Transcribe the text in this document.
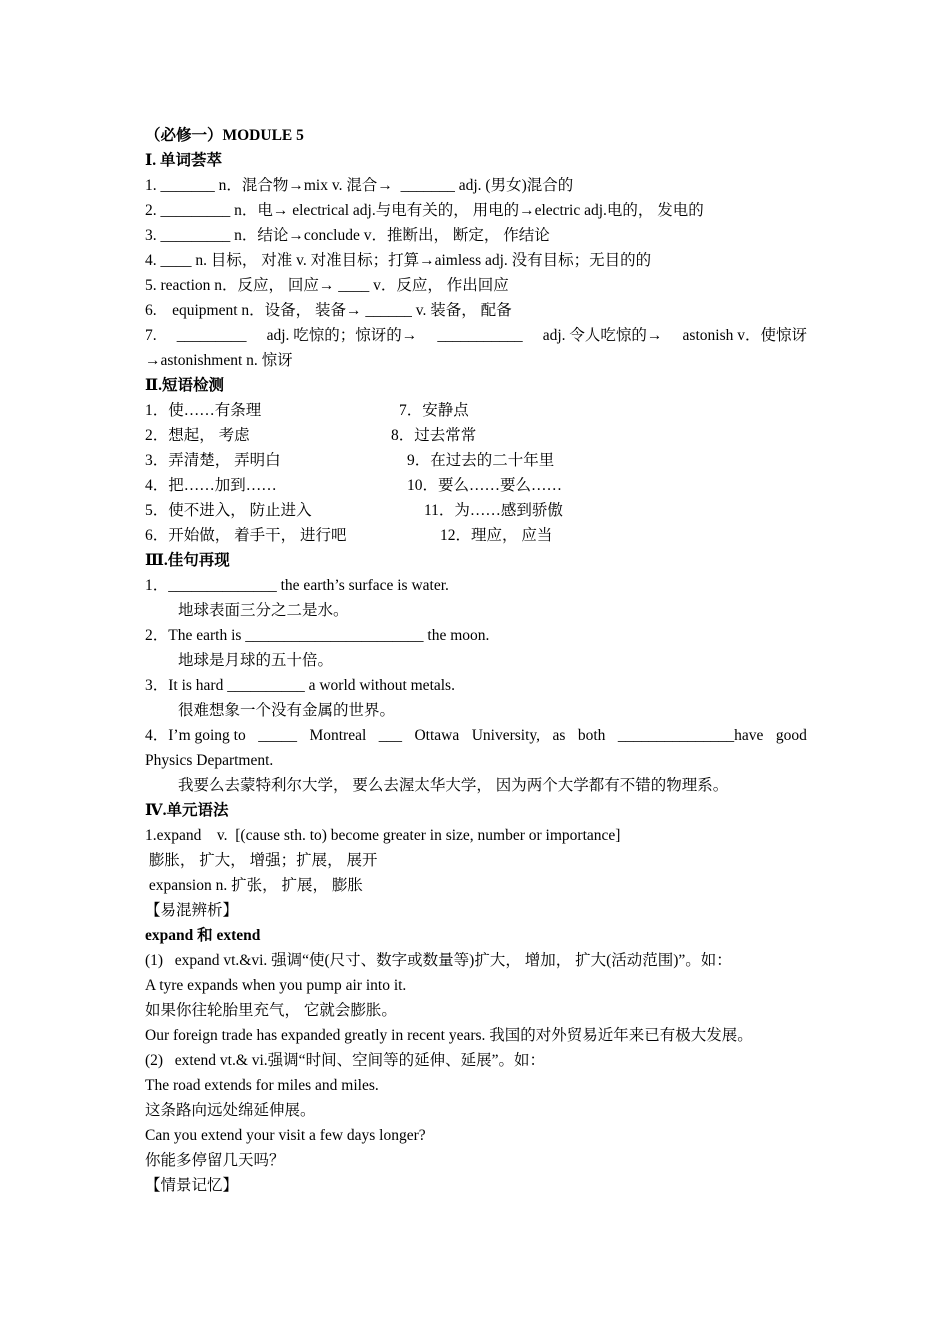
（必修一）MODULE 5
Ⅰ. 单词荟萃
1. _______ n．混合物→mix v. 混合→  _______ adj. (男女)混合的
2. _________ n．电→ electrical adj.与电有关的， 用电的→electric adj.电的， 发电的
3. _________ n．结论→conclude v．推断出， 断定， 作结论
4. ____ n. 目标， 对准 v. 对准目标；打算→aimless adj. 没有目标；无目的的
5. reaction n．反应， 回应→ ____ v．反应， 作出回应
6.    equipment n．设备， 装备→ ______ v. 装备， 配备
7. _________ adj. 吃惊的；惊讶的→ ___________ adj. 令人吃惊的→ astonish v．使惊讶
→astonishment n. 惊讶
Ⅱ.短语检测
1．使……有条理
2．想起， 考虑
3．弄清楚， 弄明白
4．把……加到……
5．使不进入， 防止进入
6．开始做， 着手干， 进行吧
7．安静点
8．过去常常
9．在过去的二十年里
10．要么……要么……
11．为……感到骄傲
12．理应， 应当
Ⅲ.佳句再现
1．______________ the earth’s surface is water.
地球表面三分之二是水。
2．The earth is _______________________ the moon.
地球是月球的五十倍。
3．It is hard __________ a world without metals.
很难想象一个没有金属的世界。
4．I’m going to _____ Montreal ___ Ottawa University, as both _______________have good
Physics Department.
我要么去蒙特利尔大学， 要么去渥太华大学， 因为两个大学都有不错的物理系。
Ⅳ.单元语法
1.expand    v.  [(cause sth. to) become greater in size, number or importance]
膨胀， 扩大， 增强；扩展， 展开
expansion n. 扩张， 扩展， 膨胀
【易混辨析】
expand 和 extend
(1)   expand vt.&vi. 强调“使(尺寸、数字或数量等)扩大， 增加， 扩大(活动范围)”。如：
A tyre expands when you pump air into it.
如果你往轮胎里充气， 它就会膨胀。
Our foreign trade has expanded greatly in recent years. 我国的对外贸易近年来已有极大发展。
(2)   extend vt.& vi.强调“时间、空间等的延伸、延展”。如：
The road extends for miles and miles.
这条路向远处绵延伸展。
Can you extend your visit a few days longer?
你能多停留几天吗？
【情景记忆】
